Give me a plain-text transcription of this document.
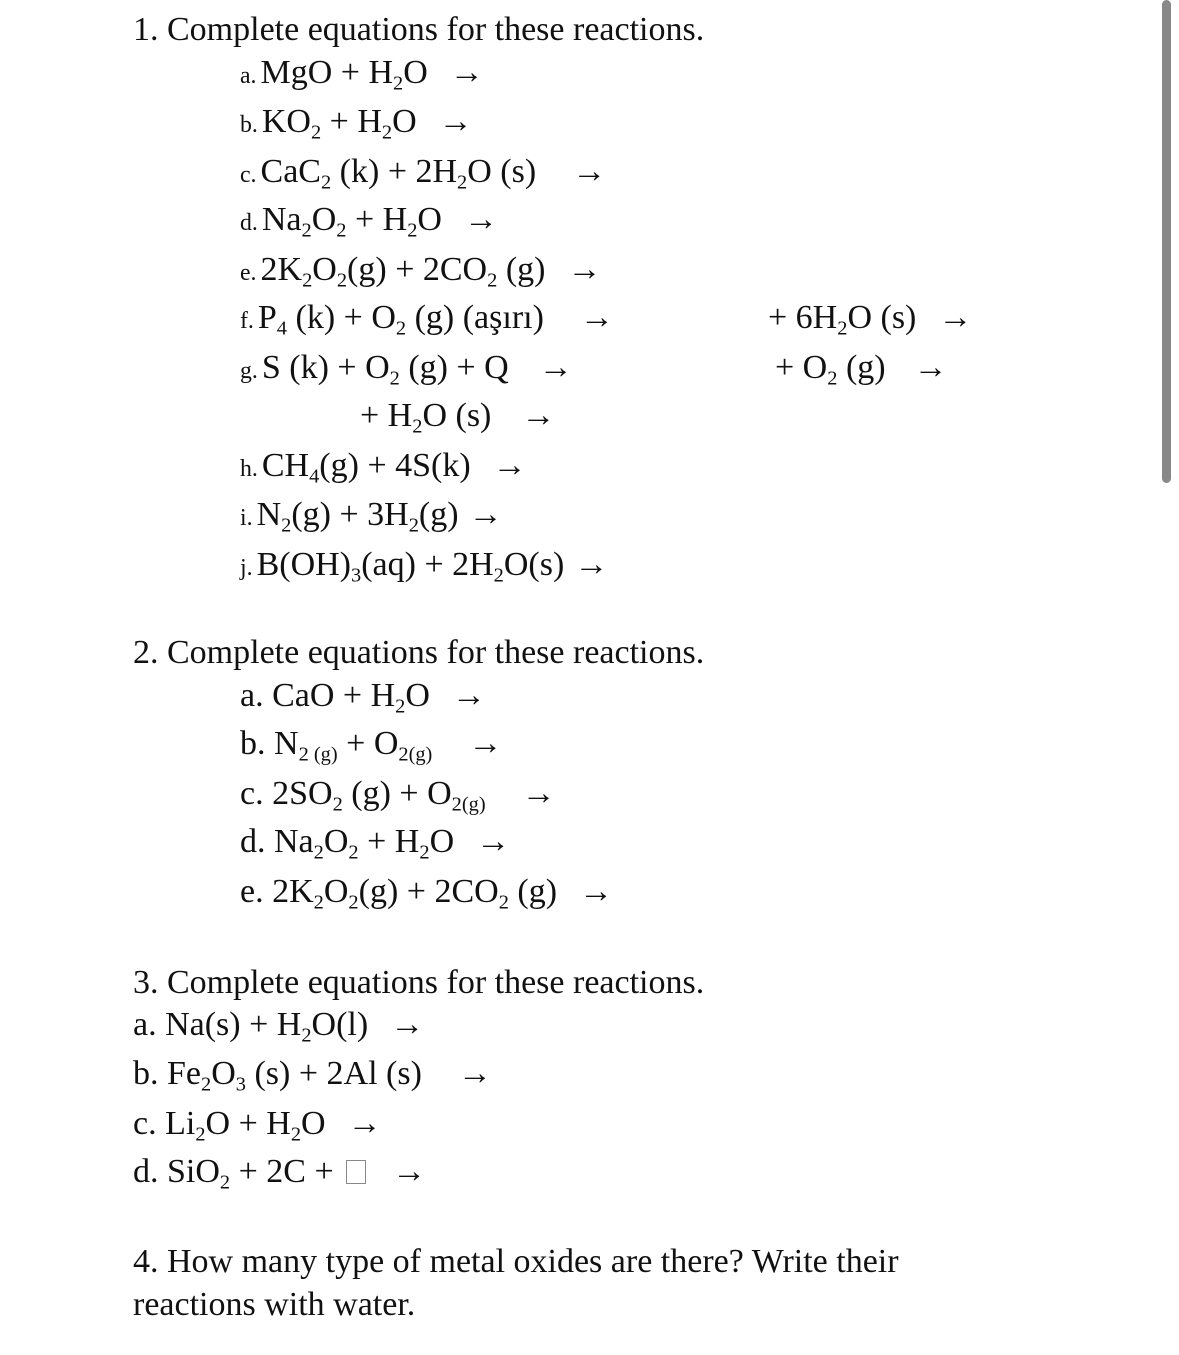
1. Complete equations for these reactions.
a. MgO + $H_2O$ →
b. $KO_2 + H_2O$ →
c. CaC$_2$ $(k) + 2H_2O$ (s) →
d. $Na_2O_2 + H_2O$ →
e. $2K_2O_2(g) + 2CO_2$ (g) →
f. $P_4$ $(k) + O_2$ (g) (aşırı) →	+ $6H_2O$ (s) →
g. S $(k) + O_2$ (g) + Q →	+ $O_2$ (g) →
+ $H_2O$ (s) →
h. $CH_4(g) + 4S(k)$ →
i. $N_2(g) + 3H_2(g)$ →
j. $B(OH)_3(aq) + 2H_2O(s)$ →
2. Complete equations for these reactions.
a. CaO + $H_2O$ →
b. $N_{2 (g)} + O_{2(g)}$ →
c. $2SO_2$ $(g) + O_{2(g)}$ →
d. $Na_2O_2 + H_2O$ →
e. $2K_2O_2(g) + 2CO_2$ (g) →
3. Complete equations for these reactions.
a. $Na(s) + H_2O(l)$ →
b. $Fe_2O_3$ (s) + 2Al (s) →
c. $Li_2O + H_2O$ →
d. SiO$_2$ + 2C + →
4. How many type of metal oxides are there? Write their
reactions with water.
